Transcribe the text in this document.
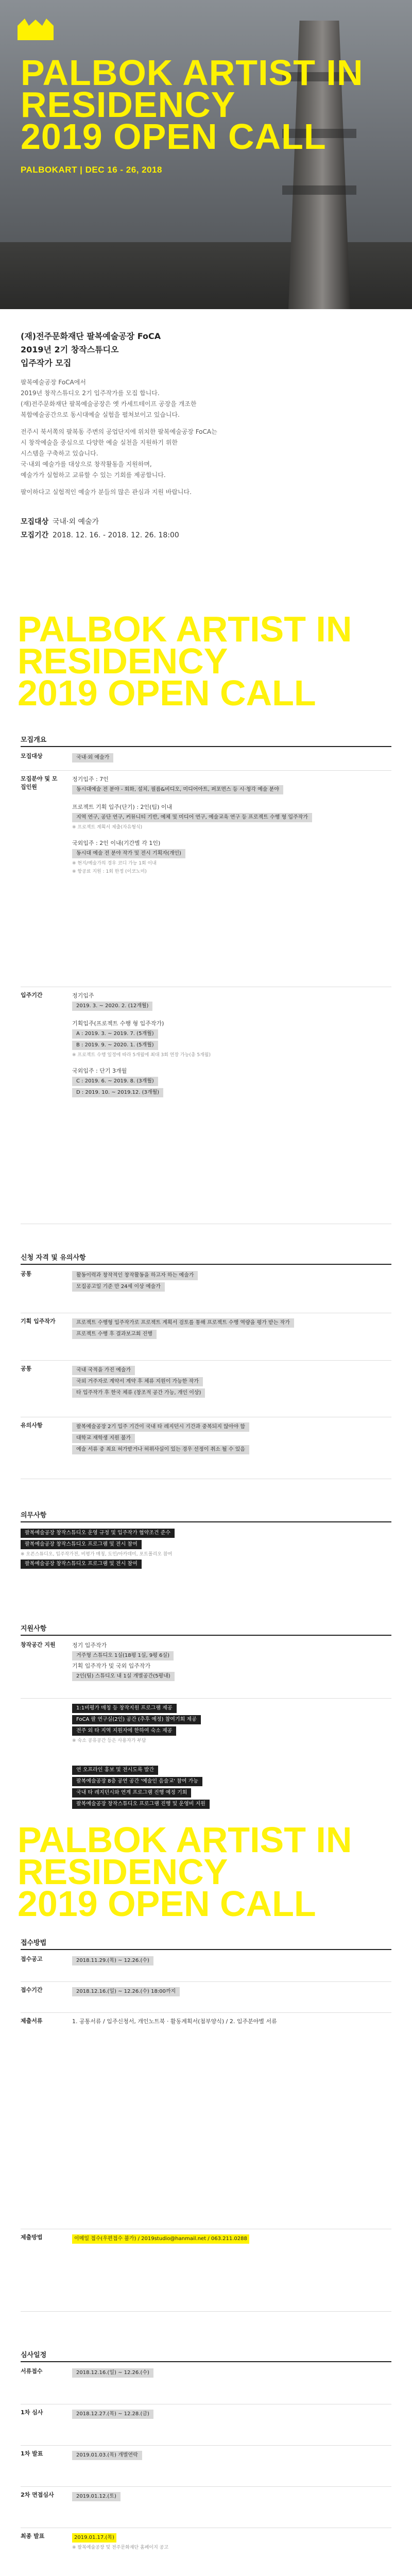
PALBOK ARTIST IN
RESIDENCY
2019 OPEN CALL
PALBOKART | DEC 16 - 26, 2018
(재)전주문화재단 팔복예술공장 FoCA
2019년 2기 창작스튜디오
입주작가 모집

팔복예술공장 FoCA에서
2019년 창작스튜디오 2기 입주작가를 모집 합니다.
(재)전주문화재단 팔복예술공장은 옛 카세트테이프 공장을 개조한
복합예술공간으로 동시대예술 실험을 펼쳐보이고 있습니다.
전주시 북서쪽의 팔복동 주변의 공업단지에 위치한 팔복예술공장 FoCA는
시 창작예술을 중심으로 다양한 예술 실천을 지원하기 위한
시스템을 구축하고 있습니다.
국·내외 예술가를 대상으로 창작활동을 지원하며,
예술가가 실험하고 교류할 수 있는 기회를 제공합니다.
팔이하다고 실험적인 예술가 분들의 많은 관심과 지원 바랍니다.

모집대상 국내·외 예술가
모집기간 2018. 12. 16. - 2018. 12. 26. 18:00
PALBOK ARTIST IN
RESIDENCY
2019 OPEN CALL
모집개요
모집대상	국내·외 예술가
모집분야 및 모집인원
정기입주 : 7인
동시대예술 전 분야 - 회화, 설치, 필름&비디오, 미디어아트, 퍼포먼스 등 시·청각 예술 분야
프로젝트 기획 입주(단기) : 2인(팀) 이내
지역 연구, 공단 연구, 커뮤니티 기반, 예체 및 미디어 연구, 예술교육 연구 등 프로젝트 수행 형 입주작가
※ 프로젝트 계획서 제출(자유형식)
국외입주 : 2인 이내(기간별 각 1인)
동시대 예술 전 분야 작가 및 전시 기획자(개인)
※ 현지/예술가의 경우 코디 가능 1회 이내
※ 항공료 지원 : 1회 한정 (이코노미)
입주기간	정기입주
2019. 3. ~ 2020. 2. (12개월)
기획입주(프로젝트 수행 형 입주작가)
A : 2019. 3. ~ 2019. 7. (5개월)
B : 2019. 9. ~ 2020. 1. (5개월)
※ 프로젝트 수행 일정에 따라 5개월에 최대 3회 연장 가능(총 5개월)
국외입주 : 단기 3개월
C : 2019. 6. ~ 2019. 8. (3개월)
D : 2019. 10. ~ 2019.12. (3개월)
신청 자격 및 유의사항
공통	활동이력과 창작적인 창작활동을 하고자 하는 예술가
모집공고일 기준 만 24세 이상 예술가
기획 입주작가	프로젝트 수행형 입주작가로 프로젝트 계획서 검토를 통해 프로젝트 수행 역량을 평가 받는 작가
프로젝트 수행 후 결과보고회 진행
공통	국내 국적을 가진 예술가
국외 거주자로 계약서 계약 후 체류 지원이 가능한 작가
타 입주작가 후 한국 체류 (창조적 공간 가능, 개인 이상)
유의사항	팔복예술공장 2기 입주 기간이 국내 타 레지던시 기간과 중복되지 않아야 함
대학교 재학생 지원 불가
예술 서류 중 최요 허가받거나 허위사실이 있는 경우 선정이 취소 될 수 있음
의무사항
팔복예술공장 창작스튜디오 운영 규정 및 입주작가 협약조건 준수
팔복예술공장 창작스튜디오 프로그램 및 전시 참여
※ 오픈스튜디오, 입주작가전, 비평가 매칭, 도민/아카데미, 포트폴리오 참여
팔복예술공장 창작스튜디오 프로그램 및 전시 참여
지원사항
창작공간 지원	정기 입주작가
거주형 스튜디오 1실(18평 1실, 9평 6실)
기획 입주작가 및 국외 입주작가
2인(팀) 스튜디오 내 1실 개별공간(5평내)
1:1비평가 매칭 등 창작지원 프로그램 제공
FoCA 팔 연구실(2인) 공간 (추후 예정) 참여기회 제공
전주 외 타 지역 지원자에 한하여 숙소 제공
※ 숙소 공유공간 등은 사용자가 부담
연 오프라인 홍보 및 전시도록 발간
팔복예술공장 8층 공연 공간 '예술인 음술교' 참여 가능
국내 타 레지던시와 연계 프로그램 진행 예정 기회
팔복예술공장 창작스튜디오 프로그램 진행 및 운영비 지원
PALBOK ARTIST IN
RESIDENCY
2019 OPEN CALL
접수방법
접수공고	2018.11.29.(목) ~ 12.26.(수)
접수기간	2018.12.16.(일) ~ 12.26.(수) 18:00까지
제출서류	1. 공통서류 / 입주신청서, 개인노트북 · 활동계획서(첨부양식) / 2. 입주분야별 서류
제출방법	이메일 접수(우편접수 불가) / 2019studio@hanmail.net / 063.211.0288
심사일정
서류접수	2018.12.16.(일) ~ 12.26.(수)
1차 심사	2018.12.27.(목) ~ 12.28.(금)
1차 발표	2019.01.03.(목) 개별연락
2차 면접심사	2019.01.12.(토)
최종 발표	2019.01.17.(목)
※ 팔복예술공장 및 전주문화재단 홈페이지 공고
